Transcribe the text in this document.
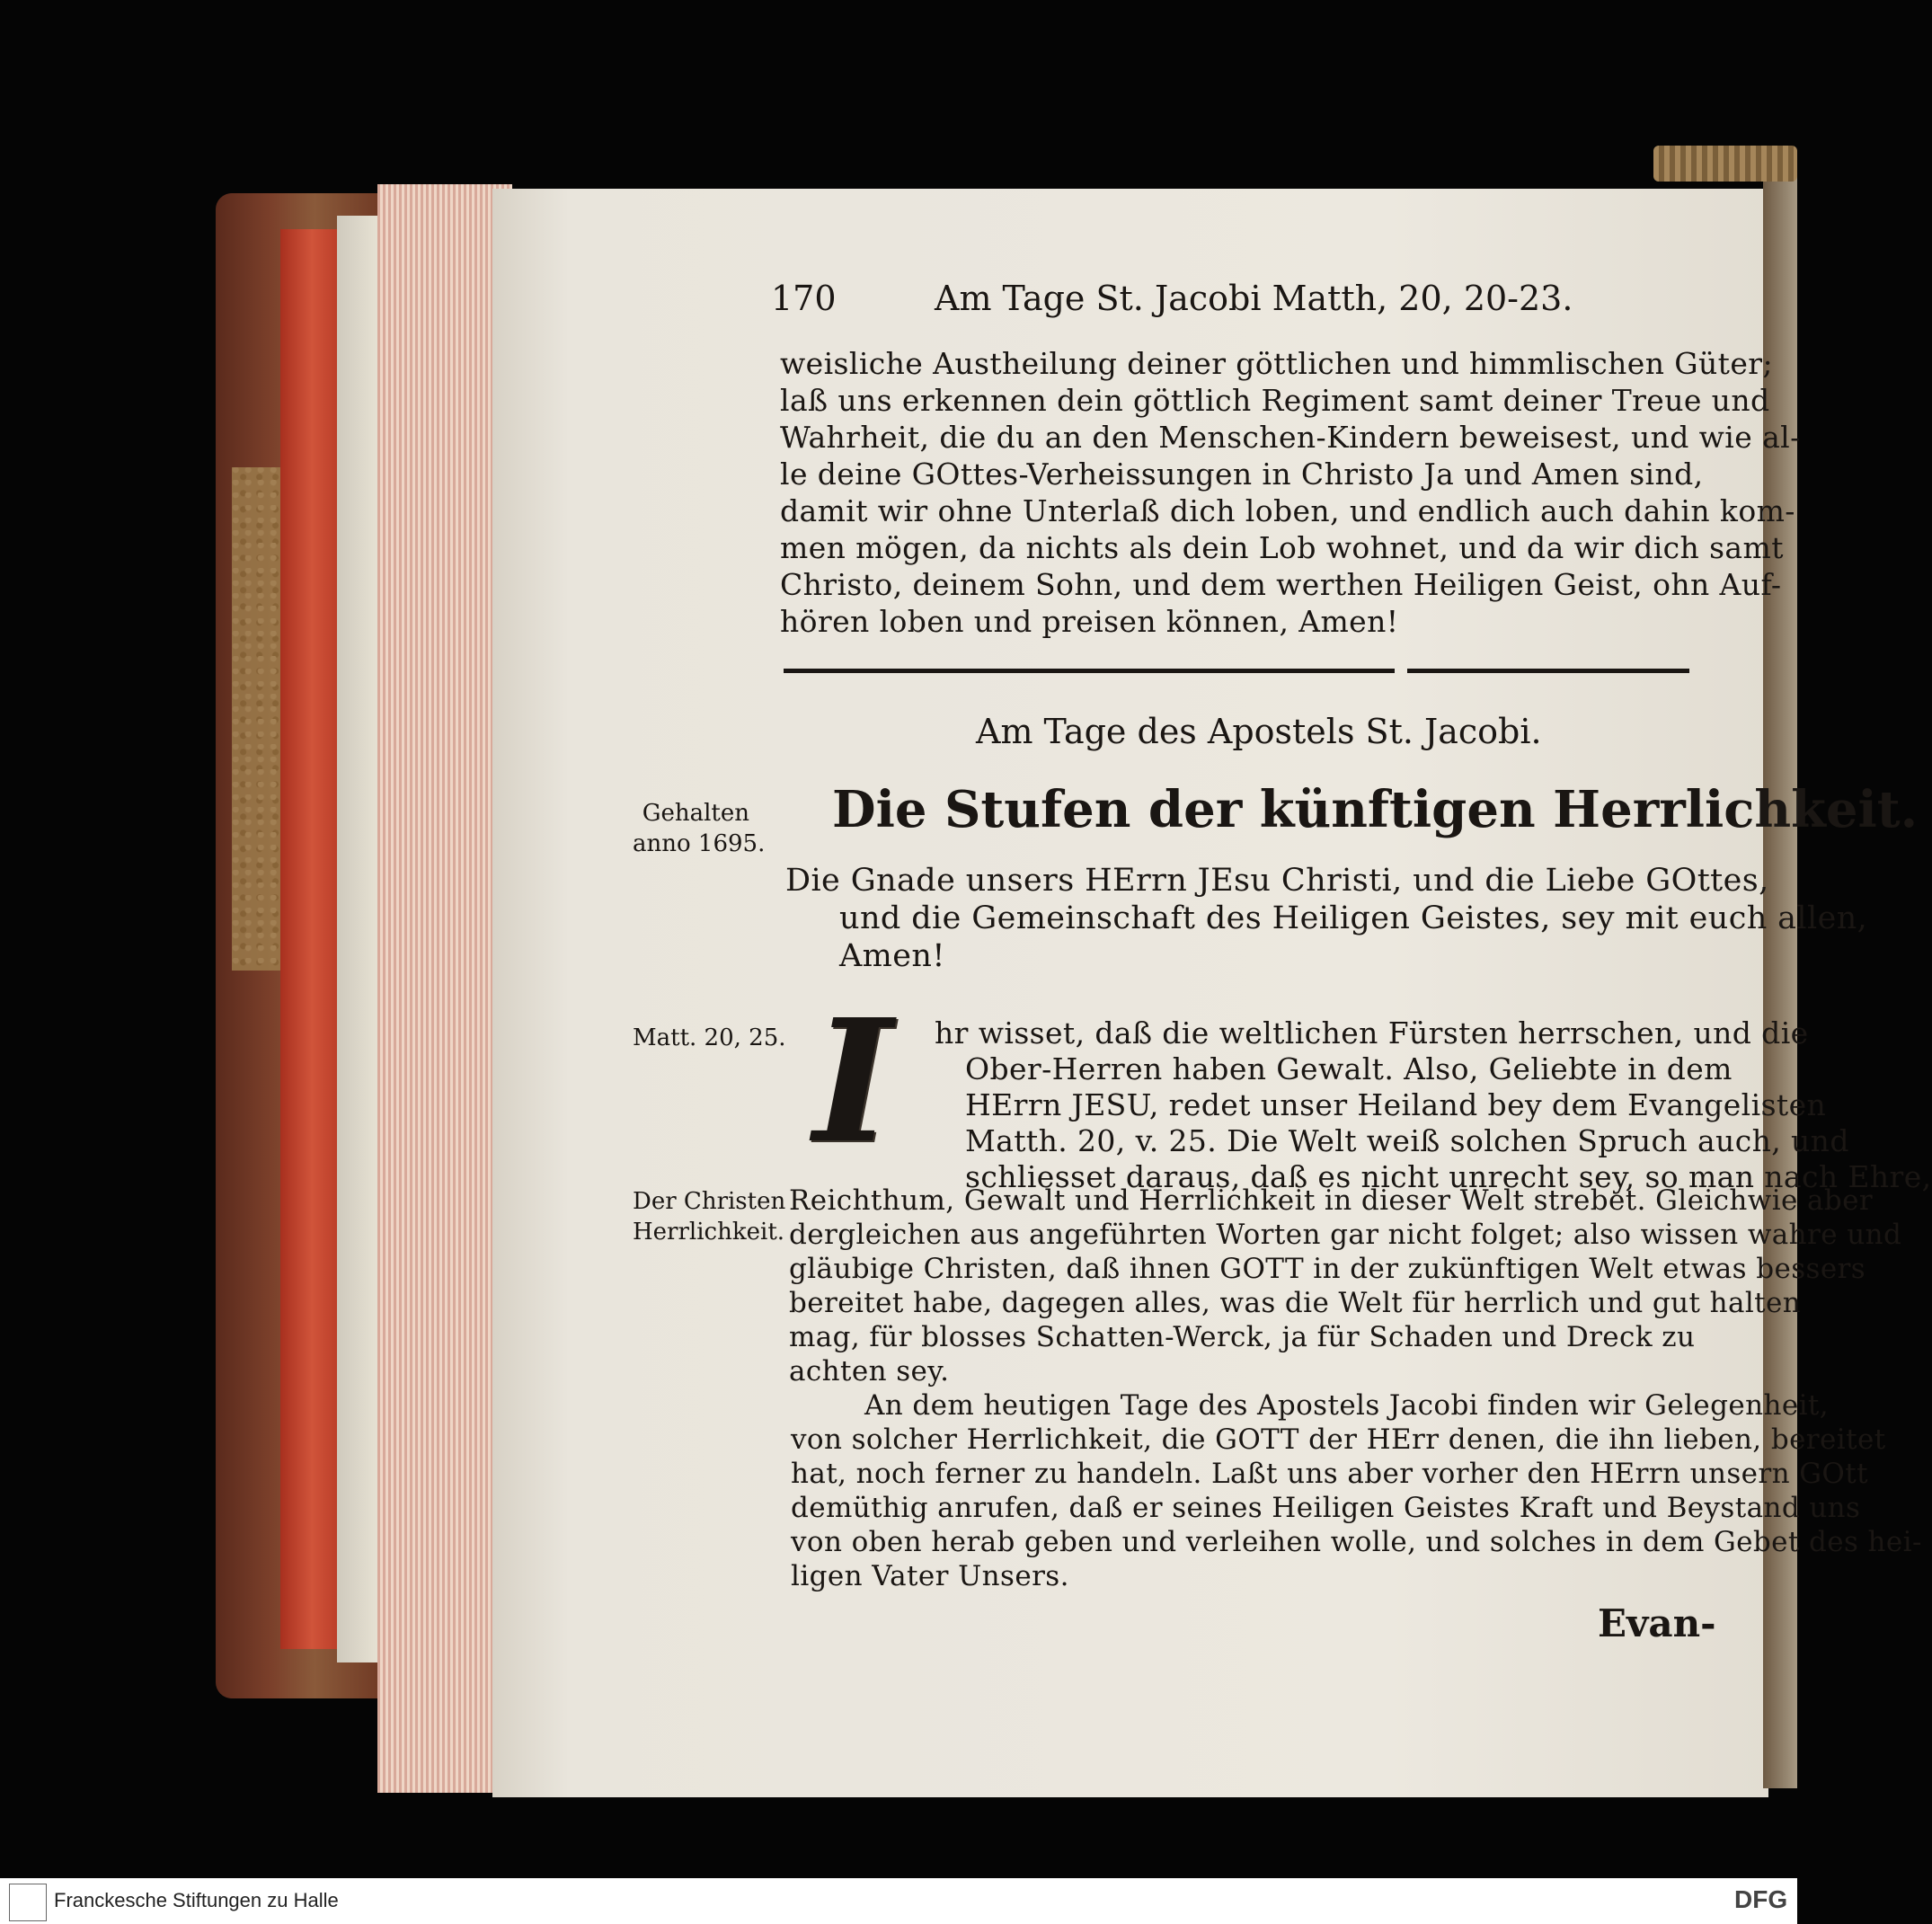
170	Am Tage St. Jacobi Matth, 20, 20-23.
weisliche Austheilung deiner göttlichen und himmlischen Güter;
laß uns erkennen dein göttlich Regiment samt deiner Treue und
Wahrheit, die du an den Menschen-Kindern beweisest, und wie al-
le deine GOttes-Verheissungen in Christo Ja und Amen sind,
damit wir ohne Unterlaß dich loben, und endlich auch dahin kom-
men mögen, da nichts als dein Lob wohnet, und da wir dich samt
Christo, deinem Sohn, und dem werthen Heiligen Geist, ohn Auf-
hören loben und preisen können, Amen!
Am Tage des Apostels St. Jacobi.
Die Stufen der künftigen Herrlichkeit.
Die Gnade unsers HErrn JEsu Christi, und die Liebe GOttes,
und die Gemeinschaft des Heiligen Geistes, sey mit euch allen,
Amen!
Gehalten
anno 1695.
Matt. 20, 25.
Der Christen
Herrlichkeit.
I	hr wisset, daß die weltlichen Fürsten herrschen, und die
Ober-Herren haben Gewalt. Also, Geliebte in dem
HErrn JESU, redet unser Heiland bey dem Evangelisten
Matth. 20, v. 25. Die Welt weiß solchen Spruch auch, und
schliesset daraus, daß es nicht unrecht sey, so man nach Ehre,
Reichthum, Gewalt und Herrlichkeit in dieser Welt strebet. Gleichwie aber
dergleichen aus angeführten Worten gar nicht folget; also wissen wahre und
gläubige Christen, daß ihnen GOTT in der zukünftigen Welt etwas bessers
bereitet habe, dagegen alles, was die Welt für herrlich und gut halten
mag, für blosses Schatten-Werck, ja für Schaden und Dreck zu
achten sey.
An dem heutigen Tage des Apostels Jacobi finden wir Gelegenheit,
von solcher Herrlichkeit, die GOTT der HErr denen, die ihn lieben, bereitet
hat, noch ferner zu handeln. Laßt uns aber vorher den HErrn unsern GOtt
demüthig anrufen, daß er seines Heiligen Geistes Kraft und Beystand uns
von oben herab geben und verleihen wolle, und solches in dem Gebet des hei-
ligen Vater Unsers.
Evan-
Franckesche Stiftungen zu Halle	DFG
